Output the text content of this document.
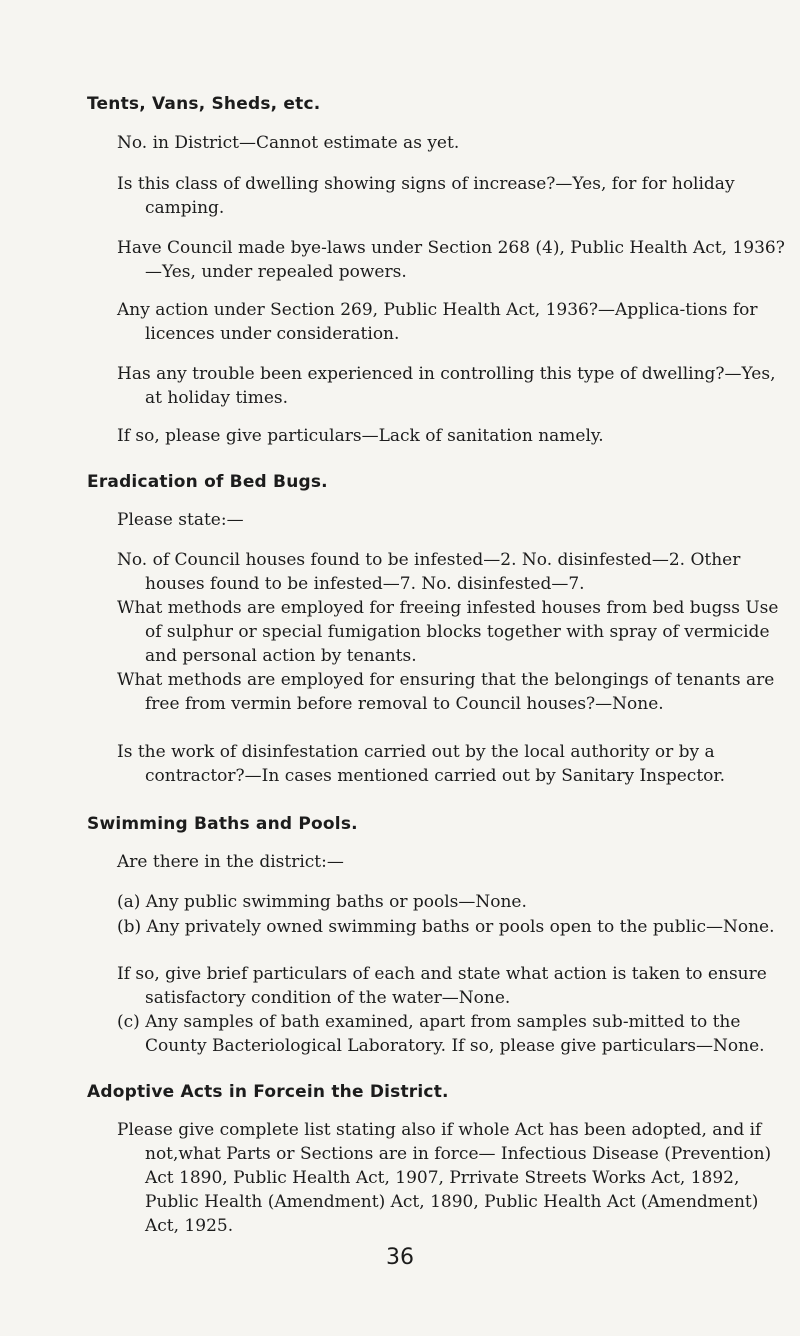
Tents, Vans, Sheds, etc.
No. in District—Cannot estimate as yet.
Is this class of dwelling showing signs of increase?—Yes, for for holiday camping.
Have Council made bye-laws under Section 268 (4), Public Health Act, 1936?—Yes, under repealed powers.
Any action under Section 269, Public Health Act, 1936?—Applica-tions for licences under consideration.
Has any trouble been experienced in controlling this type of dwelling?—Yes, at holiday times.
If so, please give particulars—Lack of sanitation namely.
Eradication of Bed Bugs.
Please state:—
No. of Council houses found to be infested—2. No. disinfested—2. Other houses found to be infested—7. No. disinfested—7.
What methods are employed for freeing infested houses from bed bugss Use of sulphur or special fumigation blocks together with spray of vermicide and personal action by tenants.
What methods are employed for ensuring that the belongings of tenants are free from vermin before removal to Council houses?—None.
Is the work of disinfestation carried out by the local authority or by a contractor?—In cases mentioned carried out by Sanitary Inspector.
Swimming Baths and Pools.
Are there in the district:—
(a) Any public swimming baths or pools—None.
(b) Any privately owned swimming baths or pools open to the public—None.
If so, give brief particulars of each and state what action is taken to ensure satisfactory condition of the water—None.
(c) Any samples of bath examined, apart from samples sub-mitted to the County Bacteriological Laboratory. If so, please give particulars—None.
Adoptive Acts in Forcein the District.
Please give complete list stating also if whole Act has been adopted, and if not,what Parts or Sections are in force— Infectious Disease (Prevention) Act 1890, Public Health Act, 1907, Prrivate Streets Works Act, 1892, Public Health (Amendment) Act, 1890, Public Health Act (Amendment) Act, 1925.
36
